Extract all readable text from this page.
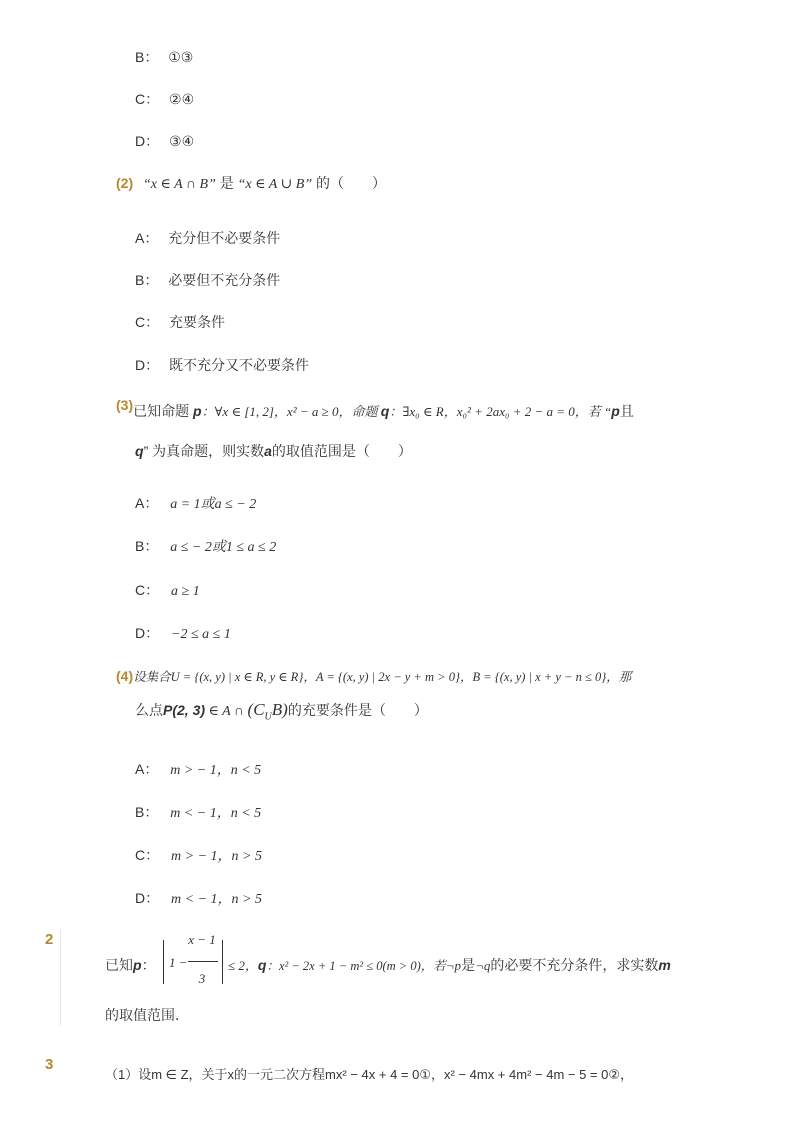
B： ①③
C： ②④
D： ③④
(2) “x ∈ A ∩ B” 是 “x ∈ A ∪ B” 的（　　）
A： 充分但不必要条件
B： 必要但不充分条件
C： 充要条件
D： 既不充分又不必要条件
(3)已知命题 p：∀x ∈ [1, 2]，x² − a ≥ 0，命题 q：∃x₀ ∈ R，x₀² + 2ax₀ + 2 − a = 0，若 “p且
q” 为真命题，则实数a的取值范围是（　　）
A： a = 1或a ≤ − 2
B： a ≤ − 2或1 ≤ a ≤ 2
C： a ≥ 1
D： −2 ≤ a ≤ 1
(4)设集合U = {(x, y) | x ∈ R, y ∈ R}，A = {(x, y) | 2x − y + m > 0}，B = {(x, y) | x + y − n ≤ 0}，那
么点P(2, 3) ∈ A ∩ $(C_UB)$的充要条件是（　　）
A： m > − 1，n < 5
B： m < − 1，n < 5
C： m > − 1，n > 5
D： m < − 1，n > 5
2
已知p： 1 −
x − 1
3
≤ 2，q：x² − 2x + 1 − m² ≤ 0(m > 0)，若¬p是¬q的必要不充分条件，求实数m
的取值范围．
3
（1）设m ∈ Z，关于x的一元二次方程mx² − 4x + 4 = 0①，x² − 4mx + 4m² − 4m − 5 = 0②，
